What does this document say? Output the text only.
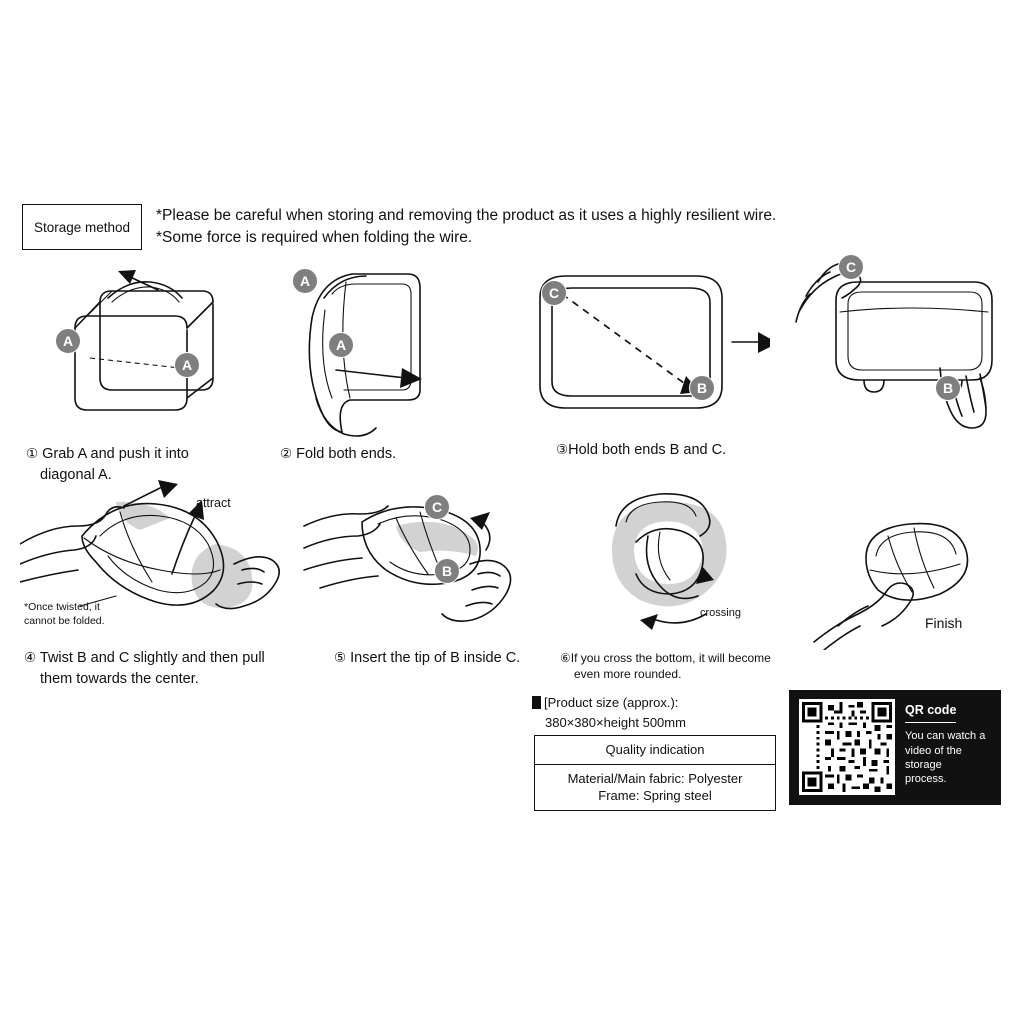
Storage method
*Please be careful when storing and removing the product as it uses a highly resilient wire.
*Some force is required when folding the wire.
A
A
① Grab A and push it into
diagonal A.
A
A
② Fold both ends.
C
B
C
B
③Hold both ends B and C.
attract
*Once twisted, it
cannot be folded.
④ Twist B and C slightly and then pull
them towards the center.
C
B
⑤ Insert the tip of B inside C.
crossing
⑥If you cross the bottom, it will become
even more rounded.
Finish
[Product size (approx.):
380×380×height 500mm
Quality indication
Material/Main fabric: Polyester
Frame: Spring steel
QR code
You can watch a
video of the storage
process.
